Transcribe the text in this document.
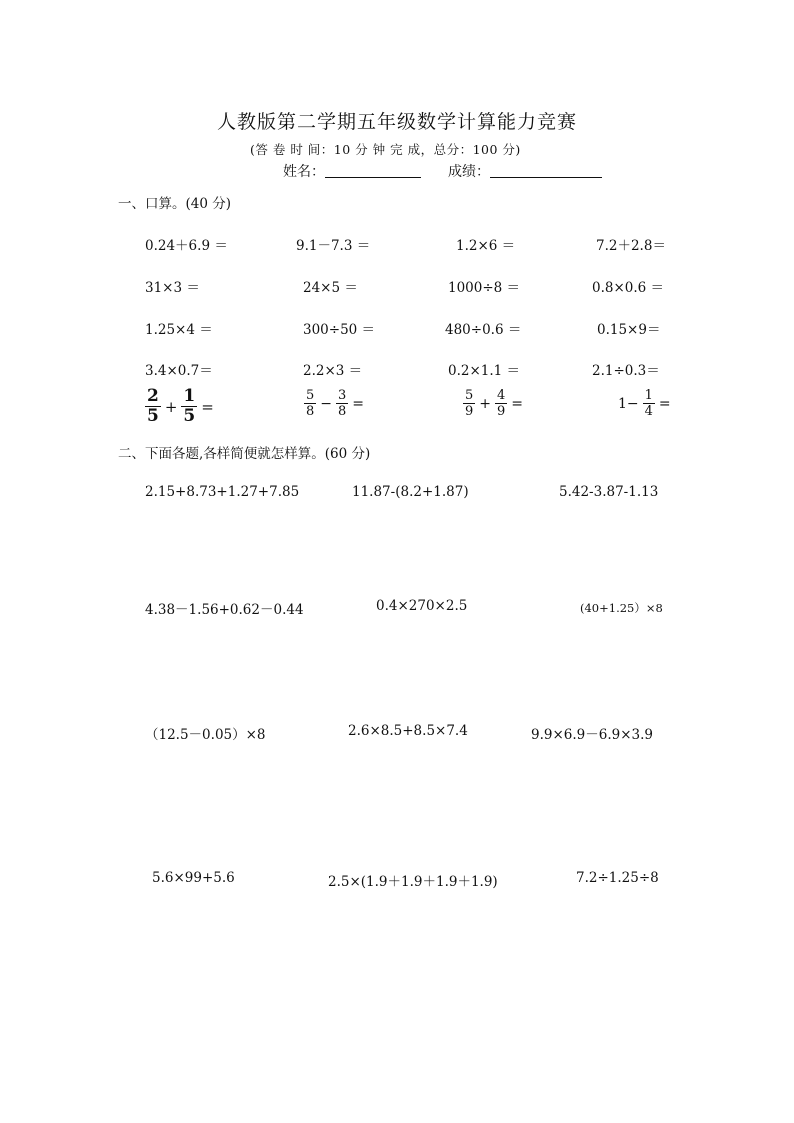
人教版第二学期五年级数学计算能力竞赛
(答 卷 时 间：10 分 钟 完 成，总分：100 分)
姓名：	成绩：
一、口算。(40 分)
0.24＋6.9 ＝	9.1－7.3 ＝	1.2×6 ＝	7.2＋2.8＝
31×3 ＝	24×5 ＝	1000÷8 ＝	0.8×0.6 ＝
1.25×4 ＝	300÷50 ＝	480÷0.6 ＝	0.15×9＝
3.4×0.7＝	2.2×3 ＝	0.2×1.1 ＝	2.1÷0.3＝
$\frac{2}{5} + \frac{1}{5}$ =	$\frac{5}{8} - \frac{3}{8}$ =	$\frac{5}{9} + \frac{4}{9}$ =	$1- \frac{1}{4}$ =
二、下面各题,各样简便就怎样算。(60 分)
2.15+8.73+1.27+7.85	11.87-(8.2+1.87)	5.42-3.87-1.13
4.38－1.56+0.62－0.44	0.4×270×2.5	(40+1.25）×8
（12.5－0.05）×8	2.6×8.5+8.5×7.4	9.9×6.9－6.9×3.9
5.6×99+5.6	2.5×(1.9＋1.9＋1.9＋1.9)	7.2÷1.25÷8
